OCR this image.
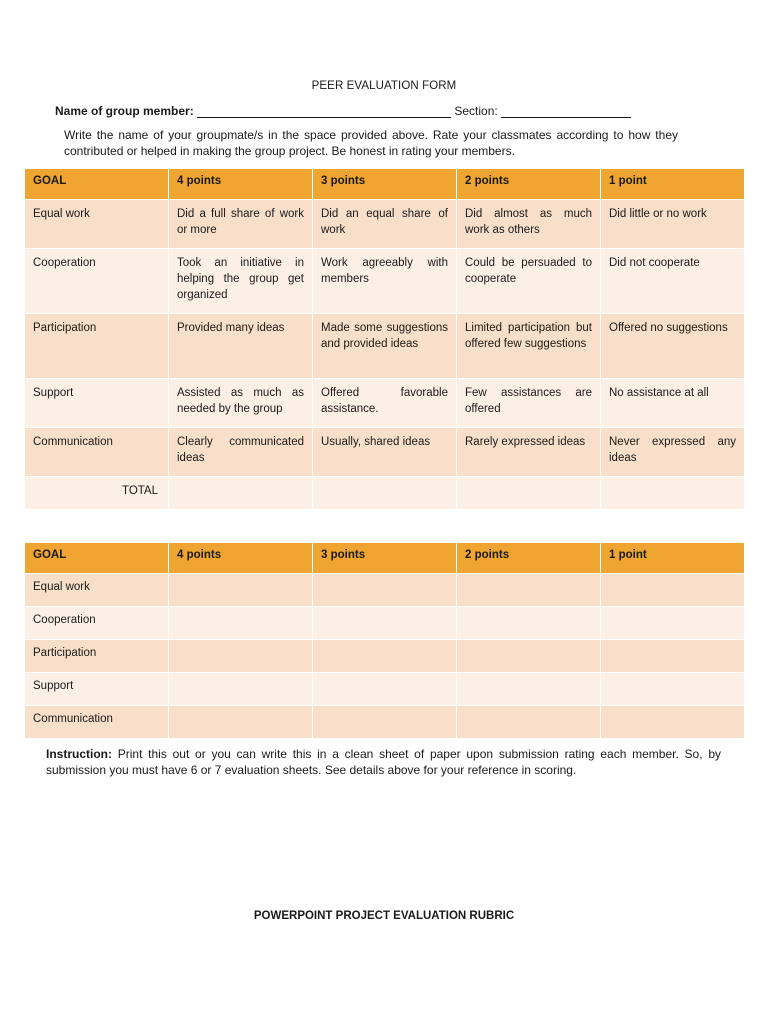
PEER EVALUATION FORM
Name of group member:	Section:
Write the name of your groupmate/s in the space provided above. Rate your classmates according to how they contributed or helped in making the group project. Be honest in rating your members.
GOAL	4 points	3 points	2 points	1 point
Equal work	Did a full share of work or more	Did an equal share of work	Did almost as much work as others	Did little or no work
Cooperation	Took an initiative in helping the group get organized	Work agreeably with members	Could be persuaded to cooperate	Did not cooperate
Participation	Provided many ideas	Made some suggestions and provided ideas	Limited participation but offered few suggestions	Offered no suggestions
Support	Assisted as much as needed by the group	Offered favorable assistance.	Few assistances are offered	No assistance at all
Communication	Clearly communicated ideas	Usually, shared ideas	Rarely expressed ideas	Never expressed any ideas
TOTAL				
GOAL	4 points	3 points	2 points	1 point
Equal work				
Cooperation				
Participation				
Support				
Communication				
Instruction: Print this out or you can write this in a clean sheet of paper upon submission rating each member. So, by submission you must have 6 or 7 evaluation sheets. See details above for your reference in scoring.
POWERPOINT PROJECT EVALUATION RUBRIC
